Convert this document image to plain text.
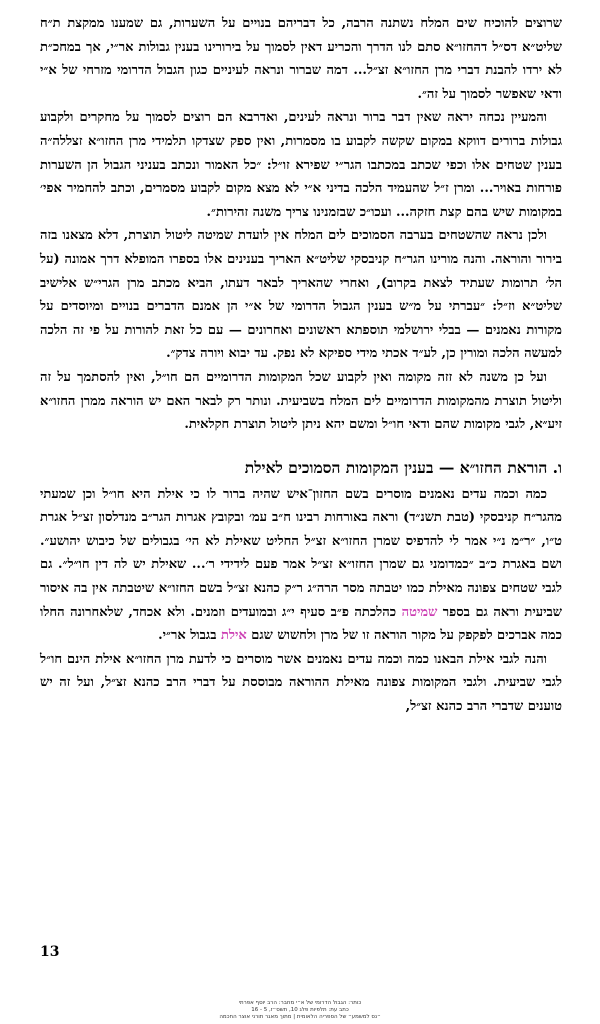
שרוצים להוכיח שים המלח נשתנה הרבה, כל דבריהם בנויים על השערות, גם שמענו ממקצת ת״ח שליט״א דס״ל דהחזו״א סתם לנו הדרך והכריע דאין לסמוך על בירורינו בענין גבולות אר״י, אך במחכ״ת לא ירדו להבנת דברי מרן החזו״א זצ״ל... דמה שברור ונראה לעיניים כגון הגבול הדרומי מזרחי של א״י ודאי שאפשר לסמוך על זה״.

והמעיין נכחה יראה שאין דבר ברור ונראה לעינים, ואדרבא הם רוצים לסמוך על מחקרים ולקבוע גבולות ברורים דווקא במקום שקשה לקבוע בו מסמרות, ואין ספק שצדקו תלמידי מרן החזו״א זצללה״ה בענין שטחים אלו וכפי שכתב במכתבו הגר״י שפירא זו״ל: ״כל האמור ונכתב בעניני הגבול הן השערות פורחות באויר... ומרן ז״ל שהעמיד הלכה בדיני א״י לא מצא מקום לקבוע מסמרים, וכתב להחמיר אפי׳ במקומות שיש בהם קצת חזקה... ועכו״כ שבזמנינו צריך משנה זהירות״.

ולכן נראה שהשטחים בערבה הסמוכים לים המלח אין לועדת שמיטה ליטול תוצרת, דלא מצאנו בזה בירור והוראה. והנה מורינו הגר״ח קניבסקי שליט״א האריך בענינים אלו בספרו המופלא דרך אמונה (על הל׳ תרומות שעתיד לצאת בקרוב), ואחרי שהאריך לבאר דעתו, הביא מכתב מרן הגרי״ש אלישיב שליט״א וז״ל: ״עברתי על מ״ש בענין הגבול הדרומי של א״י הן אמנם הדברים בנויים ומיוסדים על מקורות נאמנים — בבלי ירושלמי תוספתא ראשונים ואחרונים — עם כל זאת להורות על פי זה הלכה למעשה הלכה ומורין כן, לע״ד אכתי מידי ספיקא לא נפק. עד יבוא ויורה צדק״.

ועל כן משנה לא זזה מקומה ואין לקבוע שכל המקומות הדרומיים הם חו״ל, ואין להסתמך על זה וליטול תוצרת מהמקומות הדרומיים לים המלח בשביעית. ונותר רק לבאר האם יש הוראה ממרן החזו״א זיע״א, לגבי מקומות שהם ודאי חו״ל ומשם יהא ניתן ליטול תוצרת חקלאית.

ו. הוראת החזו״א — בענין המקומות הסמוכים לאילת

כמה וכמה עדים נאמנים מוסרים בשם החזון־איש שהיה ברור לו כי אילת היא חו״ל וכן שמעתי מהגר״ח קניבסקי (טבת תשנ״ד) וראה באורחות רבינו ח״ב עמ׳ ובקובץ אגרות הגר״ב מנדלסון זצ״ל אגרת ט״ו, ״ר״מ נ״י אמר לי להדפיס שמרן החזו״א זצ״ל החליט שאילת לא הי׳ בגבולים של כיבוש יהושע״. ושם באגרת כ״ב ״כמדומני גם שמרן החזו״א זצ״ל אמר פעם לידידי ר׳... שאילת יש לה דין חו״ל״. גם לגבי שטחים צפונה מאילת כמו יטבתה מסר הרה״ג ר״ק כהנא זצ״ל בשם החזו״א שיטבתה אין בה איסור שביעית וראה גם בספר שמיטה כהלכתה פ״ב סעיף י״ג ובמועדים וזמנים. ולא אכחד, שלאחרונה החלו כמה אברכים לפקפק על מקור הוראה זו של מרן ולחשוש שגם אילת בגבול אר״י.

והנה לגבי אילת הבאנו כמה וכמה עדים נאמנים אשר מוסרים כי לדעת מרן החזו״א אילת הינם חו״ל לגבי שביעית. ולגבי המקומות צפונה מאילת ההוראה מבוססת על דברי הרב כהנא זצ״ל, ועל זה יש טוענים שדברי הרב כהנא זצ״ל,

13
כותר: הגבול הדרומי של א״י מחבר: הרב יוסף אפרתי
כתב עת: תלפיות פלג 10, תשס״ז, 5 - 16
״נס למשמע״ של הספריה הלאומית | מתוך מאגר תורני אוצר החכמה
